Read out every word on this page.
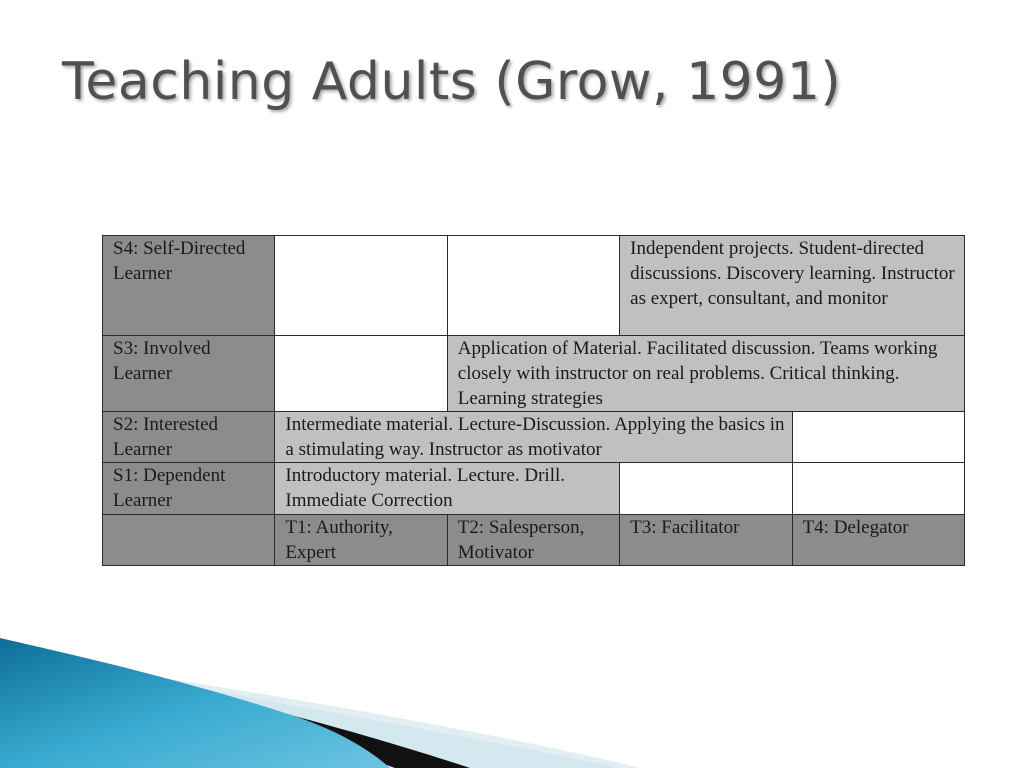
Teaching Adults (Grow, 1991)
S4: Self-Directed Learner			Independent projects. Student-directed discussions. Discovery learning. Instructor as expert, consultant, and monitor	
S3: Involved Learner		Application of Material. Facilitated discussion. Teams working closely with instructor on real problems. Critical thinking. Learning strategies		
S2: Interested Learner	Intermediate material. Lecture-Discussion. Applying the basics in a stimulating way. Instructor as motivator			
S1: Dependent Learner	Introductory material. Lecture. Drill. Immediate Correction			
	T1: Authority, Expert	T2: Salesperson, Motivator	T3: Facilitator	T4: Delegator
